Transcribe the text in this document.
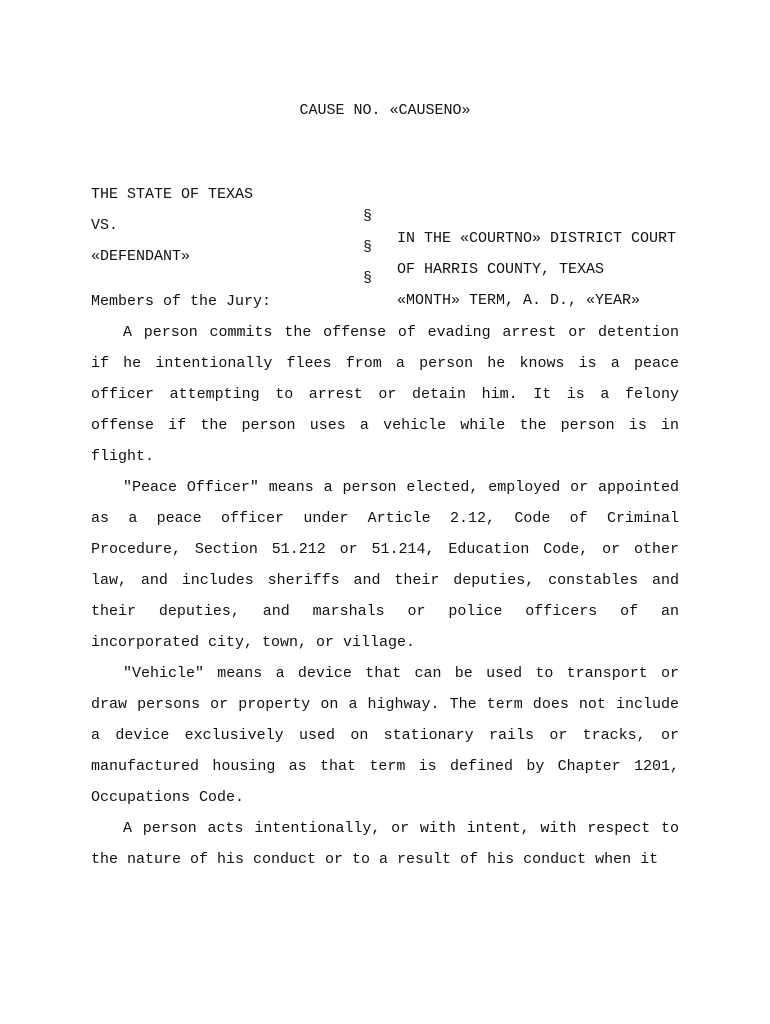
CAUSE NO. «CAUSENO»

THE STATE OF TEXAS

§

IN THE «COURTNO» DISTRICT COURT

VS.

§

OF HARRIS COUNTY, TEXAS

«DEFENDANT»

§

«MONTH» TERM, A. D., «YEAR»

Members of the Jury:

A person commits the offense of evading arrest or detention if he intentionally flees from a person he knows is a peace officer attempting to arrest or detain him. It is a felony offense if the person uses a vehicle while the person is in flight.

"Peace Officer" means a person elected, employed or appointed as a peace officer under Article 2.12, Code of Criminal Procedure, Section 51.212 or 51.214, Education Code, or other law, and includes sheriffs and their deputies, constables and their deputies, and marshals or police officers of an incorporated city, town, or village.

"Vehicle" means a device that can be used to transport or draw persons or property on a highway. The term does not include a device exclusively used on stationary rails or tracks, or manufactured housing as that term is defined by Chapter 1201, Occupations Code.

A person acts intentionally, or with intent, with respect to the nature of his conduct or to a result of his conduct when it
